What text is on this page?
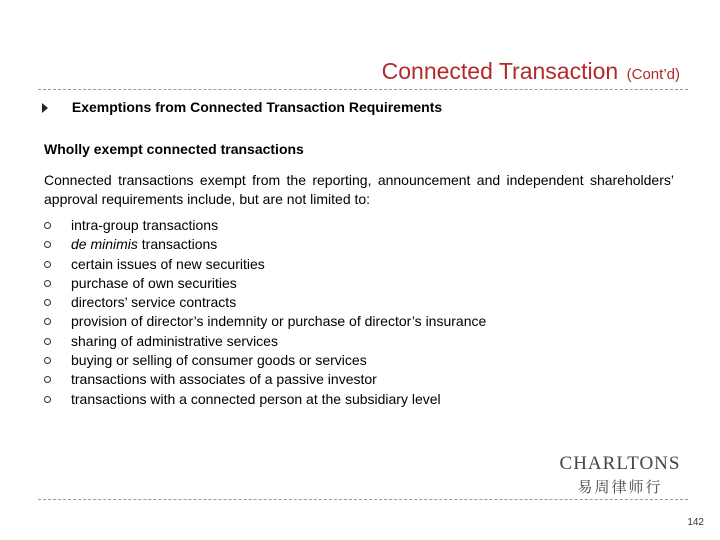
Connected Transaction (Cont’d)
Exemptions from Connected Transaction Requirements
Wholly exempt connected transactions

Connected transactions exempt from the reporting, announcement and independent shareholders’ approval requirements include, but are not limited to:

intra-group transactions
de minimis transactions
certain issues of new securities
purchase of own securities
directors’ service contracts
provision of director’s indemnity or purchase of director’s insurance
sharing of administrative services
buying or selling of consumer goods or services
transactions with associates of a passive investor
transactions with a connected person at the subsidiary level
CHARLTONS
易周律师行
142
